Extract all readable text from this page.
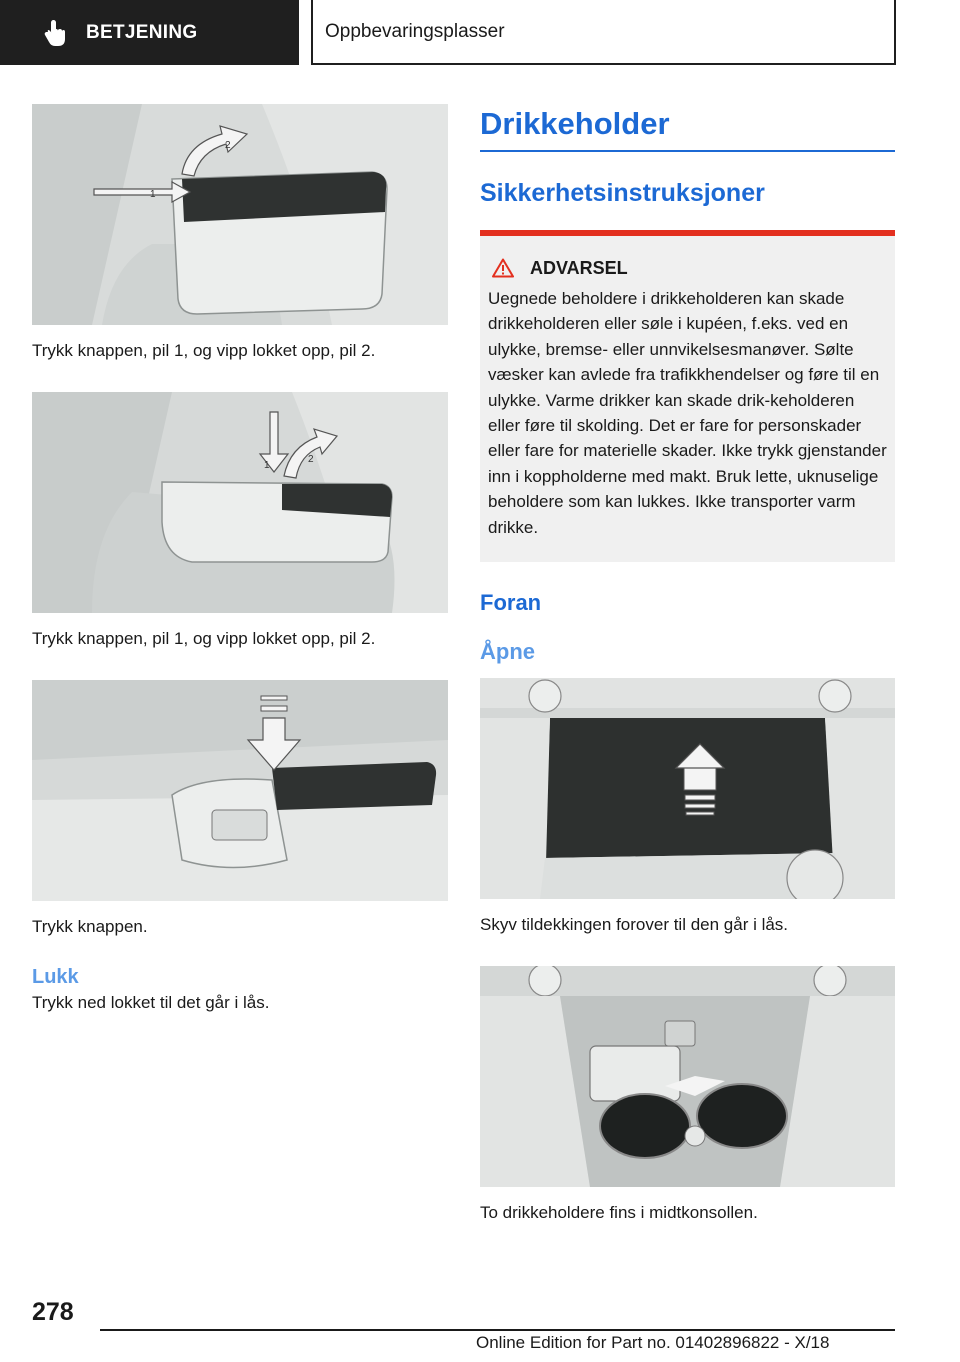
BETJENING	Oppbevaringsplasser
1
2
Trykk knappen, pil 1, og vipp lokket opp, pil 2.
1
2
Trykk knappen, pil 1, og vipp lokket opp, pil 2.
Trykk knappen.
Lukk
Trykk ned lokket til det går i lås.
Drikkeholder
Sikkerhetsinstruksjoner
ADVARSEL
Uegnede beholdere i drikkeholderen kan skade drikkeholderen eller søle i kupéen, f.eks. ved en ulykke, bremse- eller unnvikelsesmanøver. Sølte væsker kan avlede fra trafikkhendelser og føre til en ulykke. Varme drikker kan skade drik-keholderen eller føre til skolding. Det er fare for personskader eller fare for materielle skader. Ikke trykk gjenstander inn i koppholderne med makt. Bruk lette, uknuselige beholdere som kan lukkes. Ikke transporter varm drikke.
Foran
Åpne
Skyv tildekkingen forover til den går i lås.
To drikkeholdere fins i midtkonsollen.
278
Online Edition for Part no. 01402896822 - X/18
